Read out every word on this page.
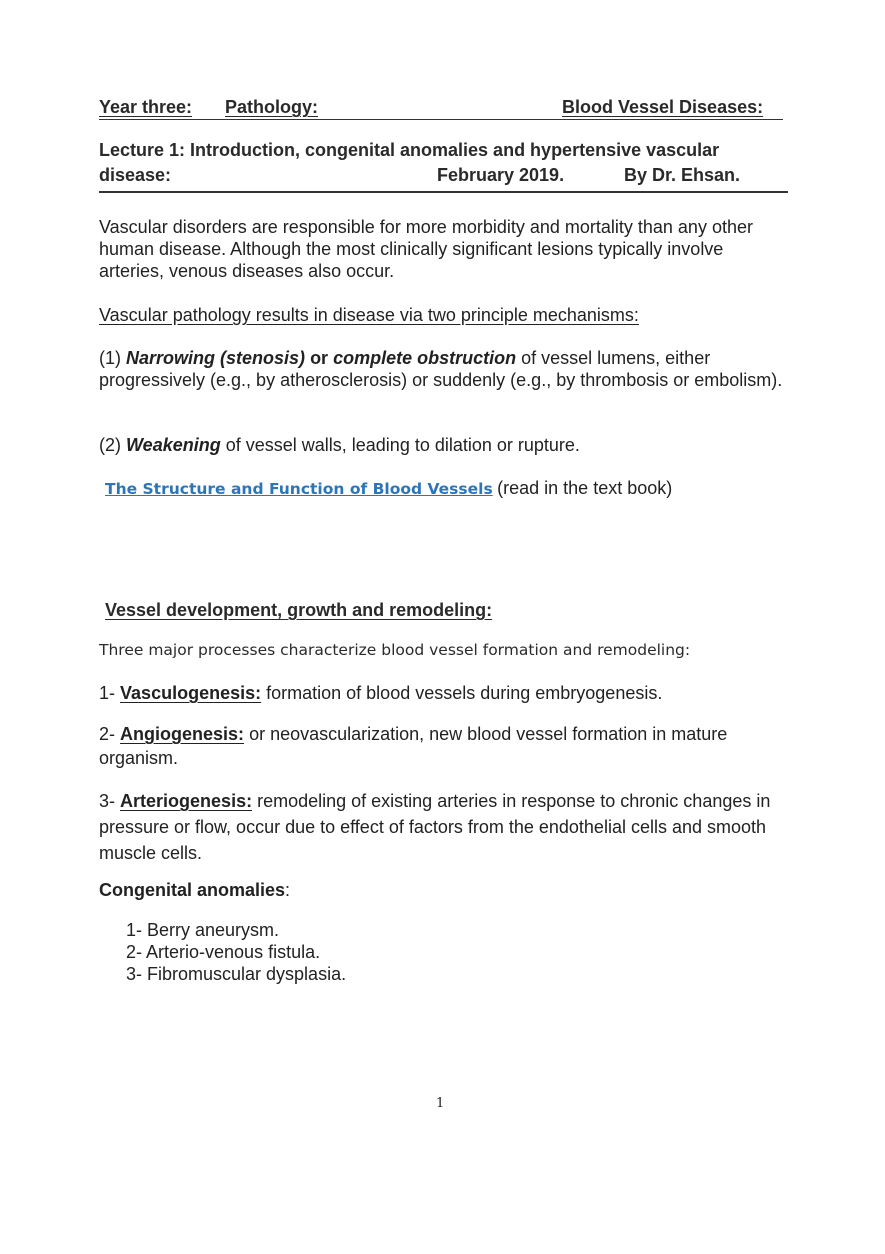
Year three: Pathology:	Blood Vessel Diseases:
Lecture 1: Introduction, congenital anomalies and hypertensive vascular
disease:	February 2019.	By Dr. Ehsan.
Vascular disorders are responsible for more morbidity and mortality than any other human disease. Although the most clinically significant lesions typically involve arteries, venous diseases also occur.
Vascular pathology results in disease via two principle mechanisms:
(1) Narrowing (stenosis) or complete obstruction of vessel lumens, either progressively (e.g., by atherosclerosis) or suddenly (e.g., by thrombosis or embolism).
(2) Weakening of vessel walls, leading to dilation or rupture.
The Structure and Function of Blood Vessels (read in the text book)
Vessel development, growth and remodeling:
Three major processes characterize blood vessel formation and remodeling:
1- Vasculogenesis: formation of blood vessels during embryogenesis.
2- Angiogenesis: or neovascularization, new blood vessel formation in mature organism.
3- Arteriogenesis: remodeling of existing arteries in response to chronic changes in pressure or flow, occur due to effect of factors from the endothelial cells and smooth muscle cells.
Congenital anomalies:
1- Berry aneurysm.
2- Arterio-venous fistula.
3- Fibromuscular dysplasia.
1
